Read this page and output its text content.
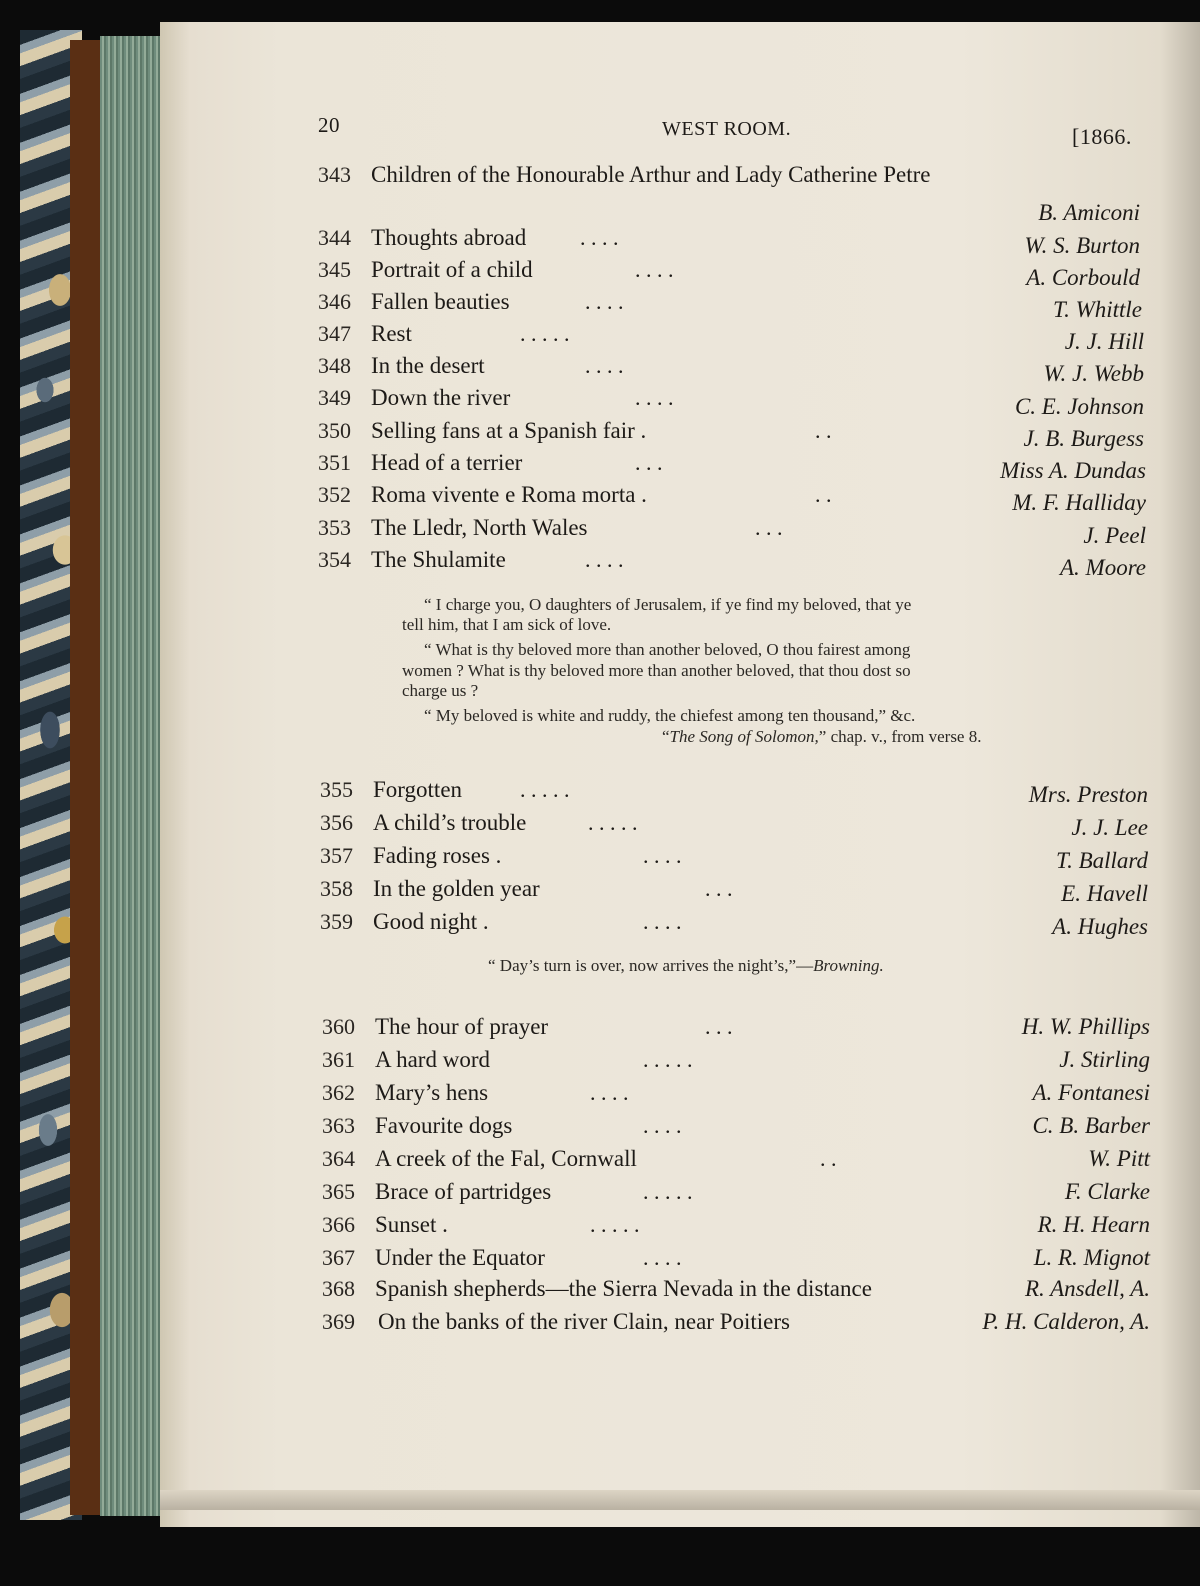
20	WEST ROOM.	[1866.
343 Children of the Honourable Arthur and Lady Catherine Petre
B. Amiconi
344 Thoughts abroad . . . .	W. S. Burton
345 Portrait of a child	. . . .	A. Corbould
346 Fallen beauties	. . . .	T. Whittle
347 Rest	. . . . .	J. J. Hill
348 In the desert	. . . .	W. J. Webb
349 Down the river	. . . .	C. E. Johnson
350 Selling fans at a Spanish fair .	. .	J. B. Burgess
351 Head of a terrier	. . .	Miss A. Dundas
352 Roma vivente e Roma morta .	. .	M. F. Halliday
353 The Lledr, North Wales	. . .	J. Peel
354 The Shulamite	. . . .	A. Moore
“ I charge you, O daughters of Jerusalem, if ye find my beloved, that ye
tell him, that I am sick of love.
“ What is thy beloved more than another beloved, O thou fairest among
women ? What is thy beloved more than another beloved, that thou dost so
charge us ?
“ My beloved is white and ruddy, the chiefest among ten thousand,” &c.
“The Song of Solomon,” chap. v., from verse 8.
355 Forgotten	. . . . .	Mrs. Preston
356 A child’s trouble	. . . . .	J. J. Lee
357 Fading roses .	. . . .	T. Ballard
358 In the golden year	. . .	E. Havell
359 Good night .	. . . .	A. Hughes
“ Day’s turn is over, now arrives the night’s,”—Browning.
360 The hour of prayer	. . .	H. W. Phillips
361 A hard word	. . . . .	J. Stirling
362 Mary’s hens	. . . .	A. Fontanesi
363 Favourite dogs	. . . .	C. B. Barber
364 A creek of the Fal, Cornwall	. .	W. Pitt
365 Brace of partridges	. . . . .	F. Clarke
366 Sunset .	. . . . .	R. H. Hearn
367 Under the Equator	. . . .	L. R. Mignot
368 Spanish shepherds—the Sierra Nevada in the distance	R. Ansdell, A.
369 On the banks of the river Clain, near Poitiers	P. H. Calderon, A.
